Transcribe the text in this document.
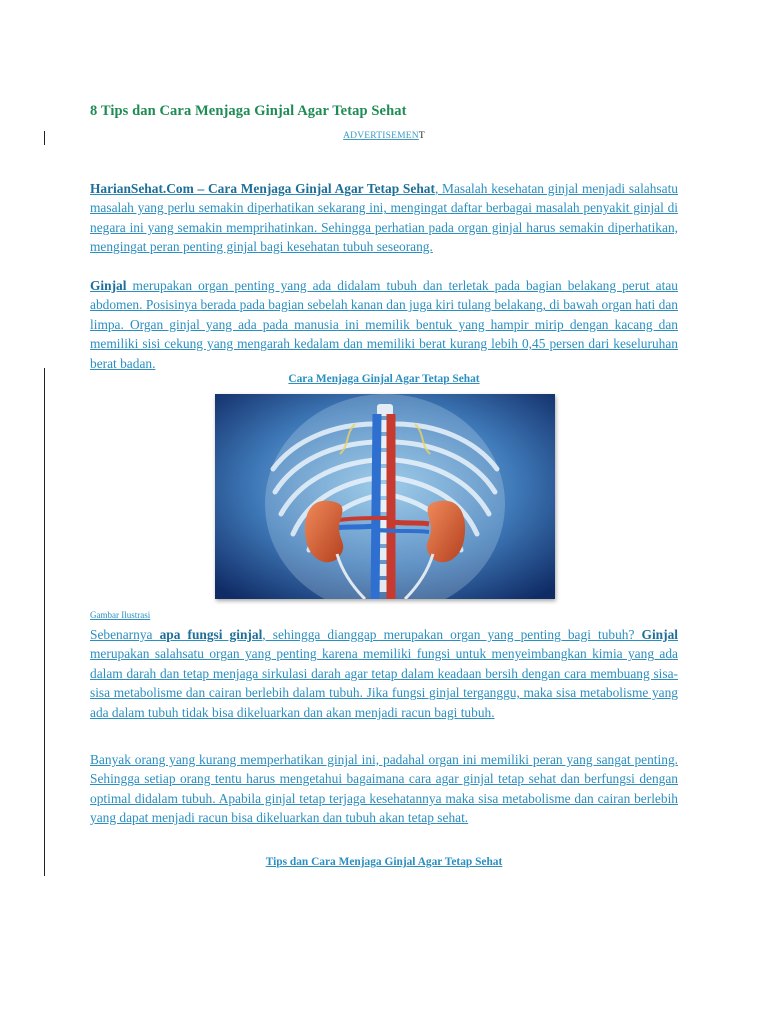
8 Tips dan Cara Menjaga Ginjal Agar Tetap Sehat
ADVERTISEMENT

HarianSehat.Com – Cara Menjaga Ginjal Agar Tetap Sehat, Masalah kesehatan ginjal menjadi salahsatu masalah yang perlu semakin diperhatikan sekarang ini, mengingat daftar berbagai masalah penyakit ginjal di negara ini yang semakin memprihatinkan. Sehingga perhatian pada organ ginjal harus semakin diperhatikan, mengingat peran penting ginjal bagi kesehatan tubuh seseorang.

Ginjal merupakan organ penting yang ada didalam tubuh dan terletak pada bagian belakang perut atau abdomen. Posisinya berada pada bagian sebelah kanan dan juga kiri tulang belakang, di bawah organ hati dan limpa. Organ ginjal yang ada pada manusia ini memilik bentuk yang hampir mirip dengan kacang dan memiliki sisi cekung yang mengarah kedalam dan memiliki berat kurang lebih 0,45 persen dari keseluruhan berat badan.

Cara Menjaga Ginjal Agar Tetap Sehat
Gambar Ilustrasi

Sebenarnya apa fungsi ginjal, sehingga dianggap merupakan organ yang penting bagi tubuh? Ginjal merupakan salahsatu organ yang penting karena memiliki fungsi untuk menyeimbangkan kimia yang ada dalam darah dan tetap menjaga sirkulasi darah agar tetap dalam keadaan bersih dengan cara membuang sisa-sisa metabolisme dan cairan berlebih dalam tubuh. Jika fungsi ginjal terganggu, maka sisa metabolisme yang ada dalam tubuh tidak bisa dikeluarkan dan akan menjadi racun bagi tubuh.

Banyak orang yang kurang memperhatikan ginjal ini, padahal organ ini memiliki peran yang sangat penting. Sehingga setiap orang tentu harus mengetahui bagaimana cara agar ginjal tetap sehat dan berfungsi dengan optimal didalam tubuh. Apabila ginjal tetap terjaga kesehatannya maka sisa metabolisme dan cairan berlebih yang dapat menjadi racun bisa dikeluarkan dan tubuh akan tetap sehat.

Tips dan Cara Menjaga Ginjal Agar Tetap Sehat
